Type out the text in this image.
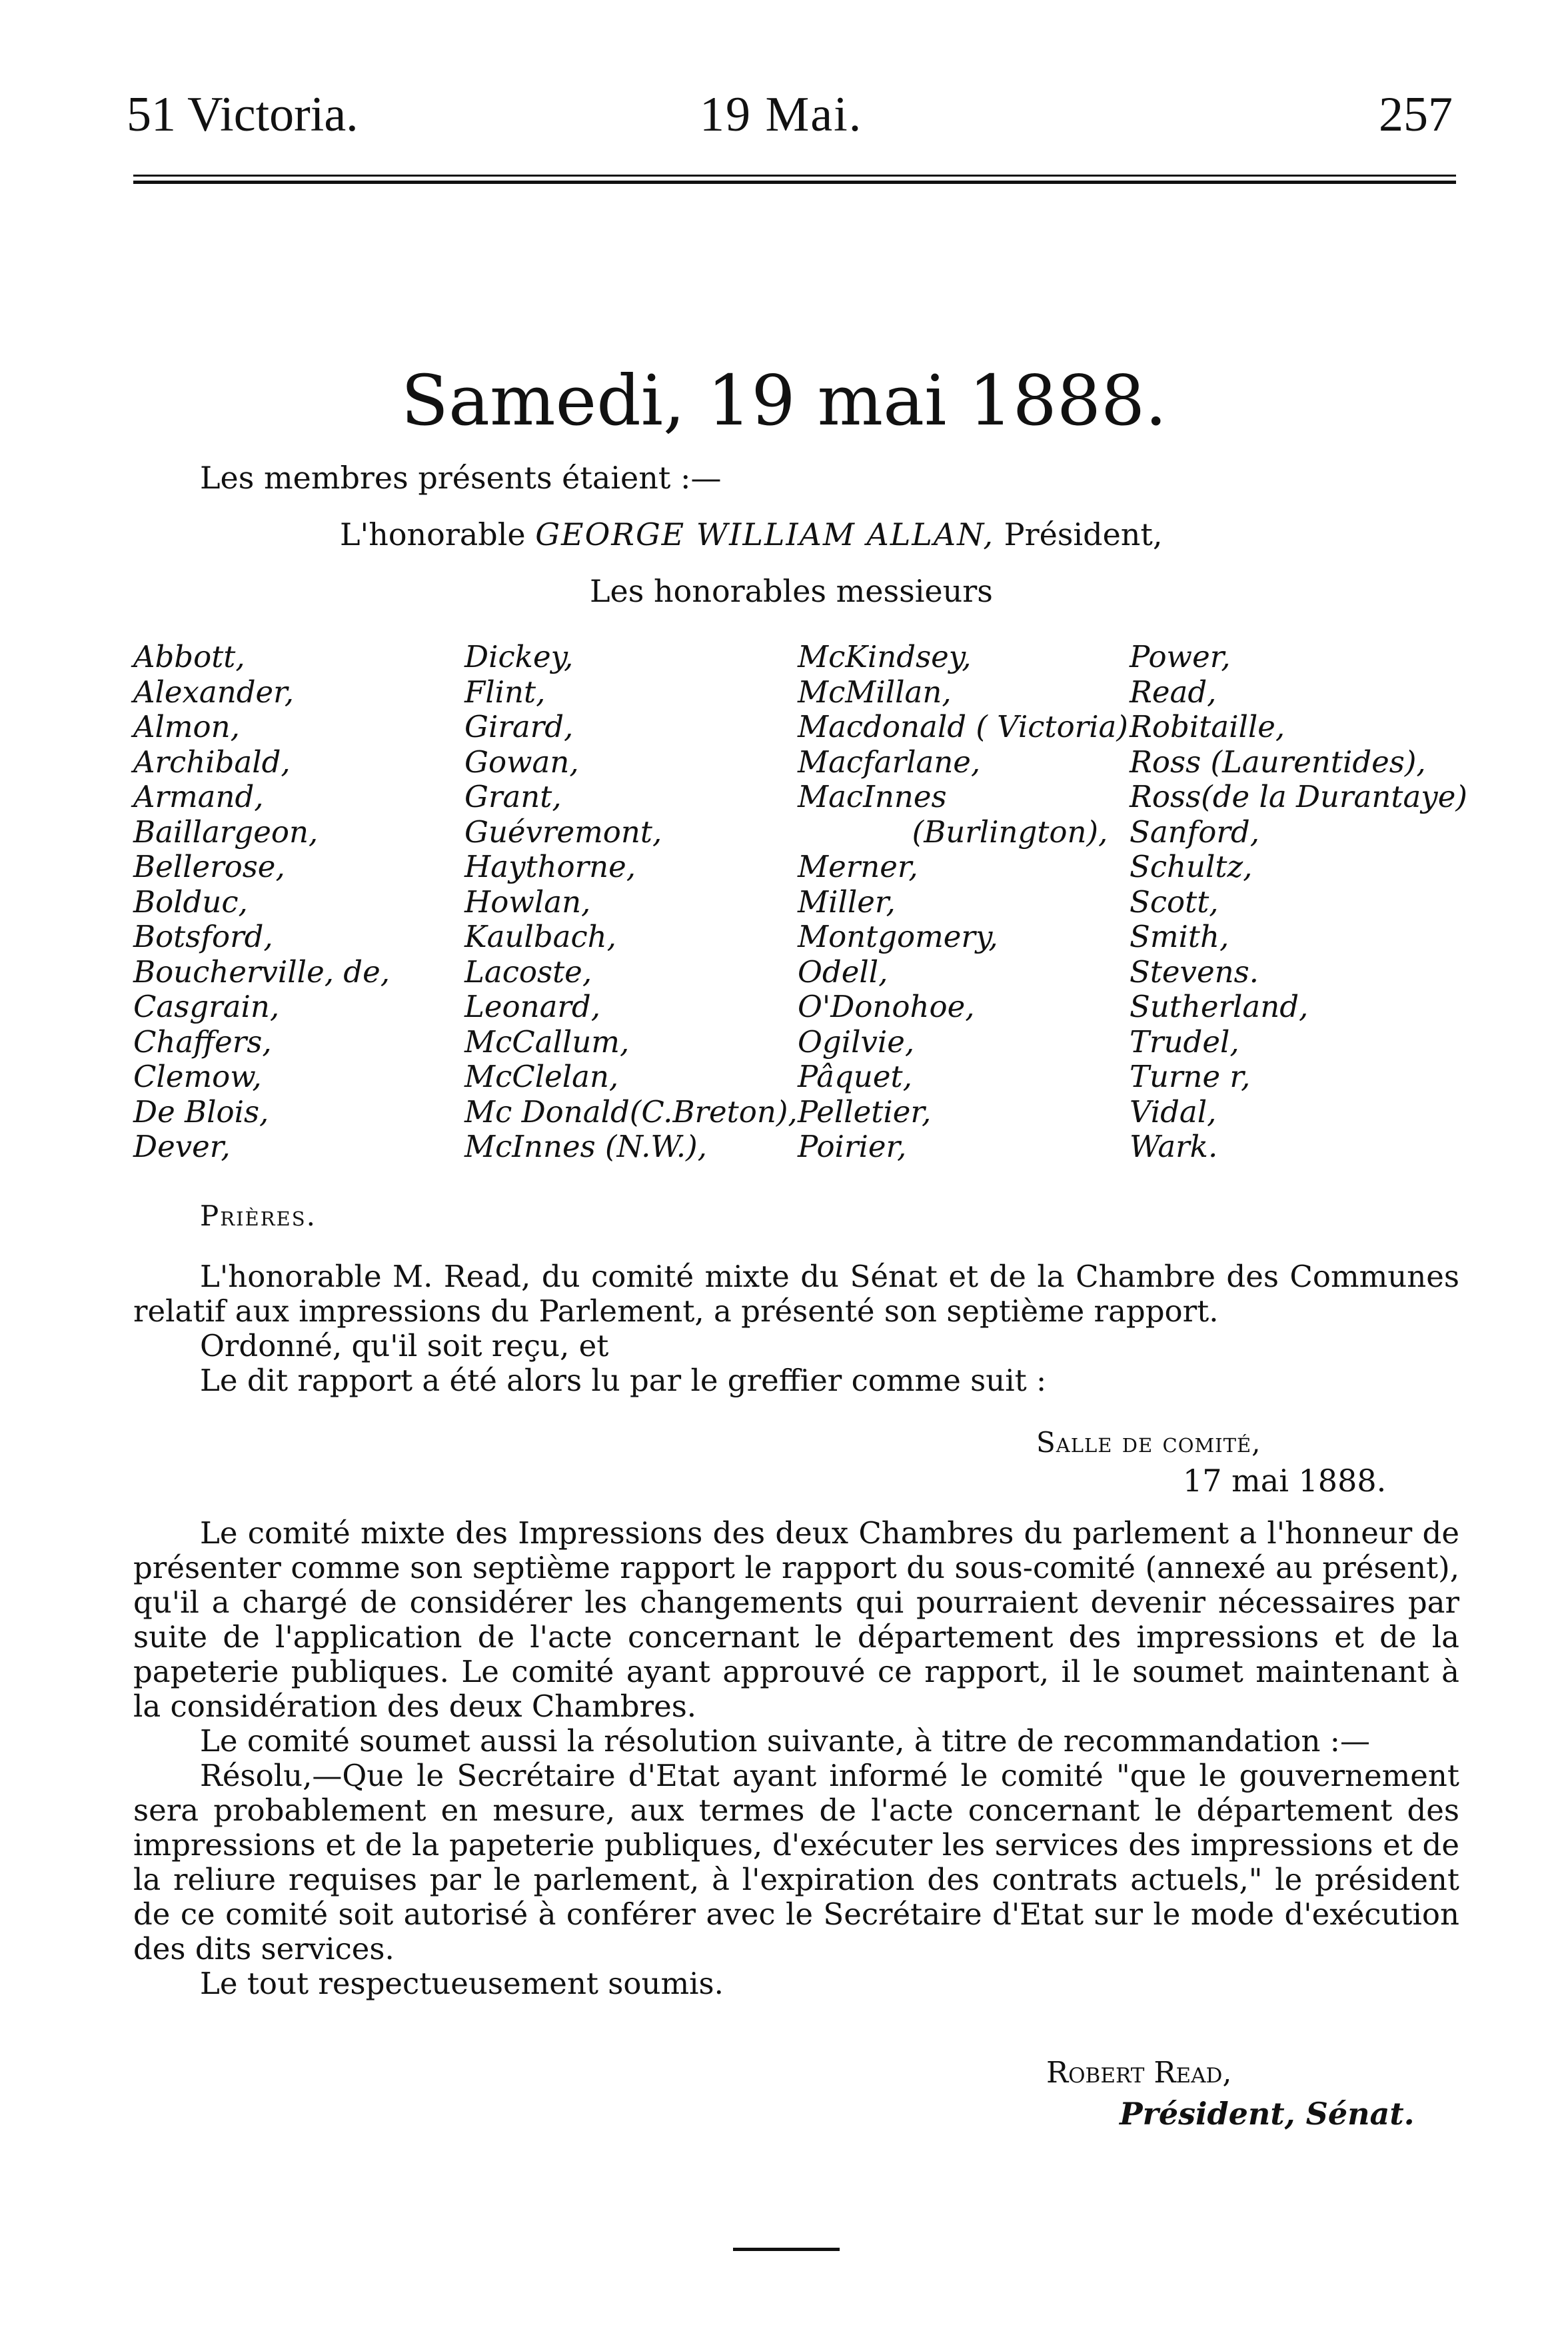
51 Victoria.	19 Mai.	257
Samedi, 19 mai 1888.
Les membres présents étaient :—
L'honorable GEORGE WILLIAM ALLAN, Président,
Les honorables messieurs
Abbott,
Alexander,
Almon,
Archibald,
Armand,
Baillargeon,
Bellerose,
Bolduc,
Botsford,
Boucherville, de,
Casgrain,
Chaffers,
Clemow,
De Blois,
Dever,
Dickey,
Flint,
Girard,
Gowan,
Grant,
Guévremont,
Haythorne,
Howlan,
Kaulbach,
Lacoste,
Leonard,
McCallum,
McClelan,
Mc Donald(C.Breton),
McInnes (N.W.),
McKindsey,
McMillan,
Macdonald ( Victoria)
Macfarlane,
MacInnes
(Burlington),
Merner,
Miller,
Montgomery,
Odell,
O'Donohoe,
Ogilvie,
Pâquet,
Pelletier,
Poirier,
Power,
Read,
Robitaille,
Ross (Laurentides),
Ross(de la Durantaye)
Sanford,
Schultz,
Scott,
Smith,
Stevens.
Sutherland,
Trudel,
Turne r,
Vidal,
Wark.
Prières.

L'honorable M. Read, du comité mixte du Sénat et de la Chambre des Communes relatif aux impressions du Parlement, a présenté son septième rapport.

Ordonné, qu'il soit reçu, et

Le dit rapport a été alors lu par le greffier comme suit :

Salle de comité,
17 mai 1888.

Le comité mixte des Impressions des deux Chambres du parlement a l'honneur de présenter comme son septième rapport le rapport du sous-comité (annexé au présent), qu'il a chargé de considérer les changements qui pourraient devenir nécessaires par suite de l'application de l'acte concernant le département des impressions et de la papeterie publiques. Le comité ayant approuvé ce rapport, il le soumet maintenant à la considération des deux Chambres.

Le comité soumet aussi la résolution suivante, à titre de recommandation :—

Résolu,—Que le Secrétaire d'Etat ayant informé le comité "que le gouvernement sera probablement en mesure, aux termes de l'acte concernant le département des impressions et de la papeterie publiques, d'exécuter les services des impressions et de la reliure requises par le parlement, à l'expiration des contrats actuels," le président de ce comité soit autorisé à conférer avec le Secrétaire d'Etat sur le mode d'exécution des dits services.

Le tout respectueusement soumis.

Robert Read,
Président, Sénat.
